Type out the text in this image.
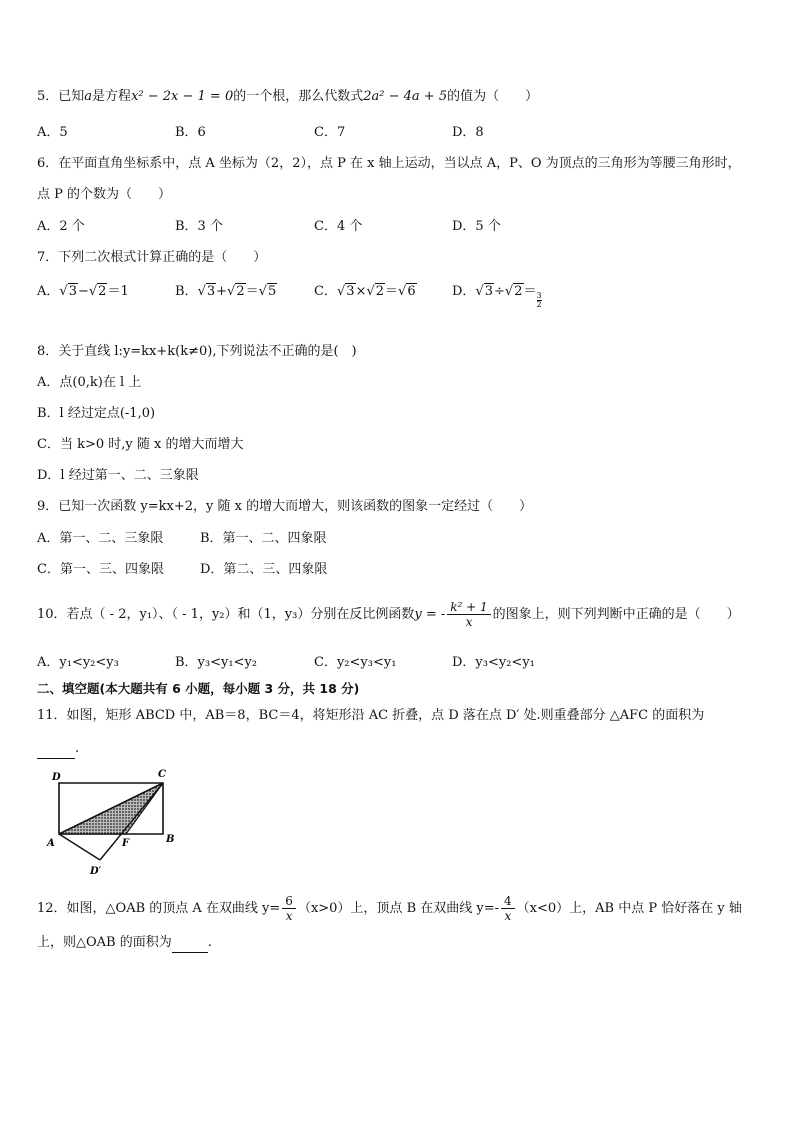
5．已知a是方程x² − 2x − 1 = 0的一个根，那么代数式2a² − 4a + 5的值为（　　）
A．5	B．6	C．7	D．8
6．在平面直角坐标系中，点 A 坐标为（2，2），点 P 在 x 轴上运动，当以点 A，P、O 为顶点的三角形为等腰三角形时，
点 P 的个数为（　　）
A．2 个	B．3 个	C．4 个	D．5 个
7．下列二次根式计算正确的是（　　）
A．√3−√2＝1	B．√3+√2＝√5	C．√3×√2＝√6	D．√3÷√2＝
$\frac{3}{2}$
8．关于直线 l:y=kx+k(k≠0),下列说法不正确的是(　)
A．点(0,k)在 l 上
B．l 经过定点(-1,0)
C．当 k>0 时,y 随 x 的增大而增大
D．l 经过第一、二、三象限
9．已知一次函数 y=kx+2，y 随 x 的增大而增大，则该函数的图象一定经过（　　）
A．第一、二、三象限	B．第一、二、四象限
C．第一、三、四象限	D．第二、三、四象限
10．若点（ - 2，y₁）、（ - 1，y₂）和（1，y₃）分别在反比例函数y = - $\frac{\text{k² + 1}}{x}$ 的图象上，则下列判断中正确的是（　　）
A．y₁<y₂<y₃	B．y₃<y₁<y₂	C．y₂<y₃<y₁	D．y₃<y₂<y₁
二、填空题(本大题共有 6 小题，每小题 3 分，共 18 分)
11．如图，矩形 ABCD 中，AB＝8，BC＝4，将矩形沿 AC 折叠，点 D 落在点 D′ 处.则重叠部分 △AFC 的面积为
.
D	C
A	B
F
D′
12．如图，△OAB 的顶点 A 在双曲线 $y= \frac{6}{x} (x>0)$上，顶点 B 在双曲线 $y=- \frac{4}{x} (x<0)$上，AB 中点 P 恰好落在 y 轴
上，则△OAB 的面积为	.
